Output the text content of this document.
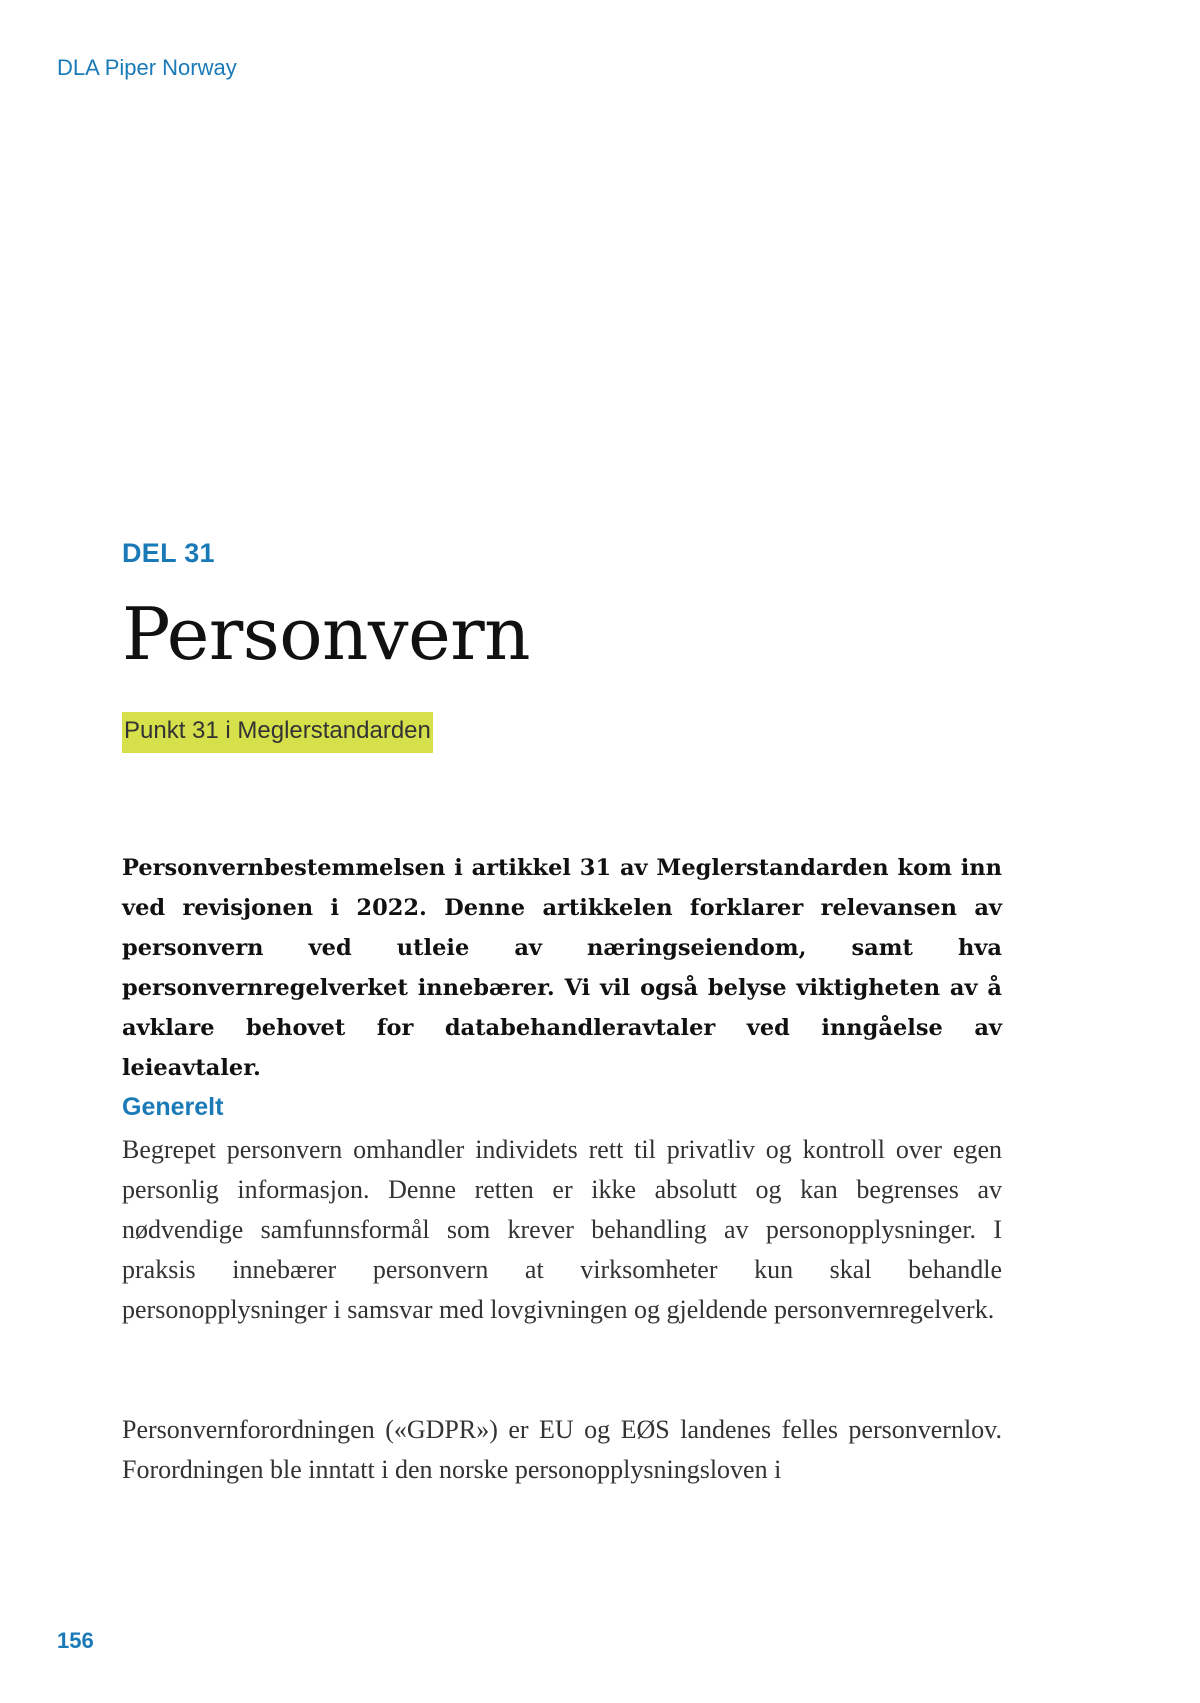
DLA Piper Norway

DEL 31

Personvern

Punkt 31 i Meglerstandarden

Personvernbestemmelsen i artikkel 31 av Meglerstandarden kom inn ved revisjonen i 2022. Denne artikkelen forklarer relevansen av personvern ved utleie av næringseiendom, samt hva personvernregelverket innebærer. Vi vil også belyse viktigheten av å avklare behovet for databehandleravtaler ved inngåelse av leieavtaler.

Generelt

Begrepet personvern omhandler individets rett til privatliv og kontroll over egen personlig informasjon. Denne retten er ikke absolutt og kan begrenses av nødvendige samfunnsformål som krever behandling av personopplysninger. I praksis innebærer personvern at virksomheter kun skal behandle personopplysninger i samsvar med lovgivningen og gjeldende personvernregelverk.

Personvernforordningen («GDPR») er EU og EØS landenes felles personvernlov. Forordningen ble inntatt i den norske personopplysningsloven i

156
